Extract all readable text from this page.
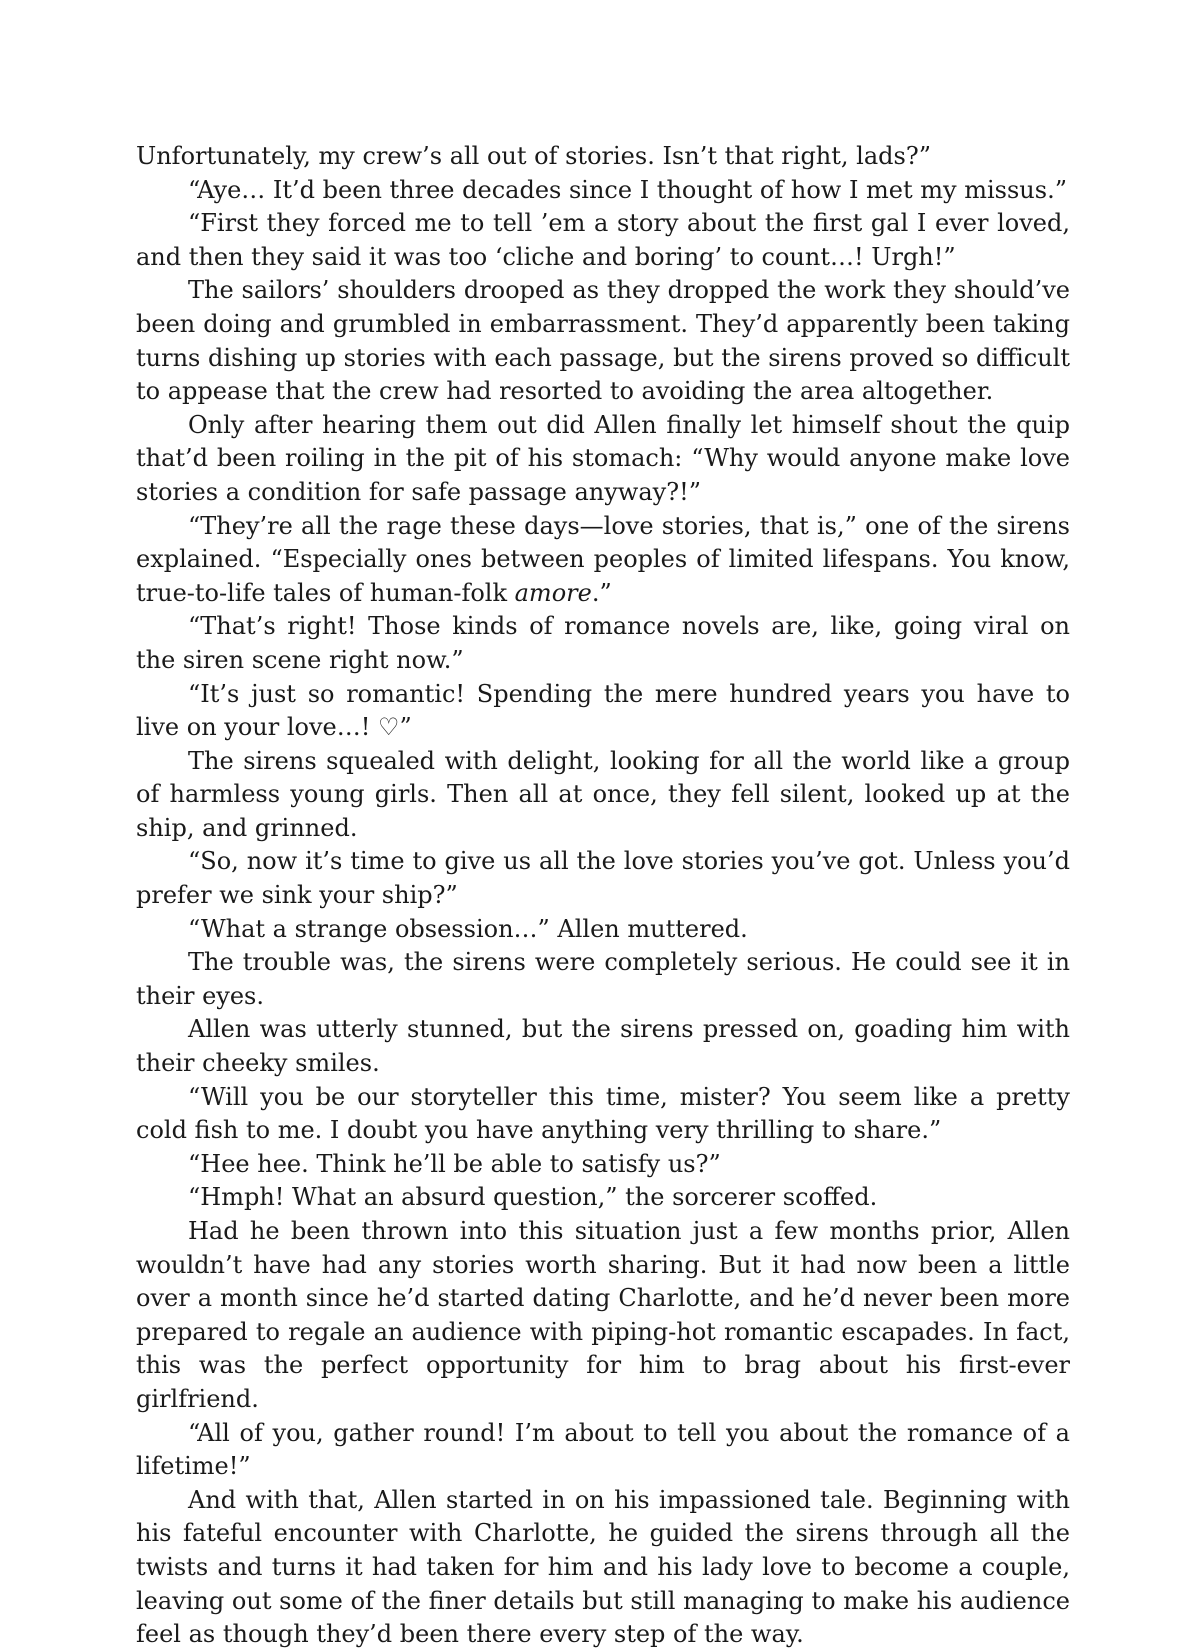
Unfortunately, my crew’s all out of stories. Isn’t that right, lads?”

“Aye… It’d been three decades since I thought of how I met my missus.”

“First they forced me to tell ’em a story about the first gal I ever loved, and then they said it was too ‘cliche and boring’ to count…! Urgh!”

The sailors’ shoulders drooped as they dropped the work they should’ve been doing and grumbled in embarrassment. They’d apparently been taking turns dishing up stories with each passage, but the sirens proved so difficult to appease that the crew had resorted to avoiding the area altogether.

Only after hearing them out did Allen finally let himself shout the quip that’d been roiling in the pit of his stomach: “Why would anyone make love stories a condition for safe passage anyway?!”

“They’re all the rage these days—love stories, that is,” one of the sirens explained. “Especially ones between peoples of limited lifespans. You know, true-to-life tales of human-folk amore.”

“That’s right! Those kinds of romance novels are, like, going viral on the siren scene right now.”

“It’s just so romantic! Spending the mere hundred years you have to live on your love…! ♡”

The sirens squealed with delight, looking for all the world like a group of harmless young girls. Then all at once, they fell silent, looked up at the ship, and grinned.

“So, now it’s time to give us all the love stories you’ve got. Unless you’d prefer we sink your ship?”

“What a strange obsession…” Allen muttered.

The trouble was, the sirens were completely serious. He could see it in their eyes.

Allen was utterly stunned, but the sirens pressed on, goading him with their cheeky smiles.

“Will you be our storyteller this time, mister? You seem like a pretty cold fish to me. I doubt you have anything very thrilling to share.”

“Hee hee. Think he’ll be able to satisfy us?”

“Hmph! What an absurd question,” the sorcerer scoffed.

Had he been thrown into this situation just a few months prior, Allen wouldn’t have had any stories worth sharing. But it had now been a little over a month since he’d started dating Charlotte, and he’d never been more prepared to regale an audience with piping-hot romantic escapades. In fact, this was the perfect opportunity for him to brag about his first-ever girlfriend.

“All of you, gather round! I’m about to tell you about the romance of a lifetime!”

And with that, Allen started in on his impassioned tale. Beginning with his fateful encounter with Charlotte, he guided the sirens through all the twists and turns it had taken for him and his lady love to become a couple, leaving out some of the finer details but still managing to make his audience feel as though they’d been there every step of the way.
